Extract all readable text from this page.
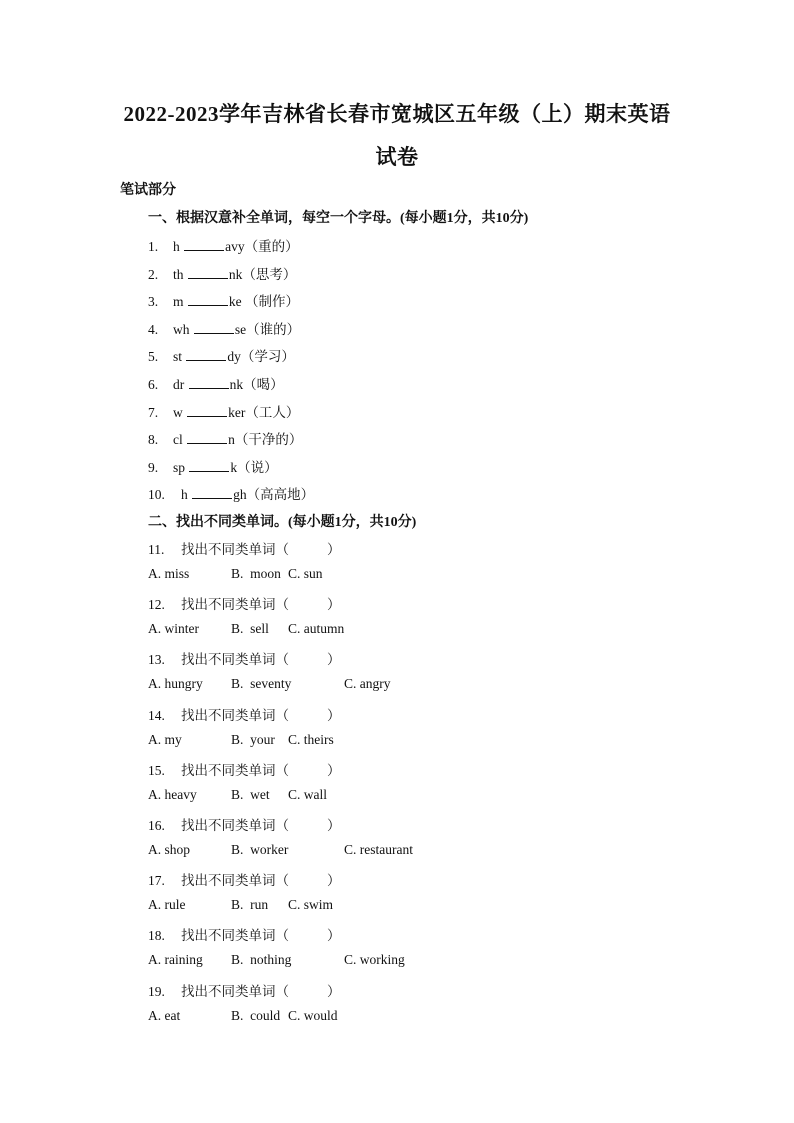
2022-2023学年吉林省长春市宽城区五年级（上）期末英语
试卷
笔试部分
一、根据汉意补全单词，每空一个字母。(每小题1分，共10分)
1. h	avy（重的）
2. th	nk（思考）
3. m	ke （制作）
4. wh	se（谁的）
5. st	dy（学习）
6. dr	nk（喝）
7. w	ker（工人）
8. cl	n（干净的）
9. sp	k（说）
10. h	gh（高高地）
二、找出不同类单词。(每小题1分，共10分)
11. 找出不同类单词（	）
A. miss	B.  moon C. sun
12. 找出不同类单词（	）
A. winter B.  sell C. autumn
13. 找出不同类单词（	）
A. hungry B.  seventy	C. angry
14. 找出不同类单词（	）
A. my	B.  your C. theirs
15. 找出不同类单词（	）
A. heavy	B.  wet C. wall
16. 找出不同类单词（	）
A. shop	B.  worker	C. restaurant
17. 找出不同类单词（	）
A. rule	B.  run C. swim
18. 找出不同类单词（	）
A. raining B.  nothing	C. working
19. 找出不同类单词（	）
A. eat	B.  could C. would
